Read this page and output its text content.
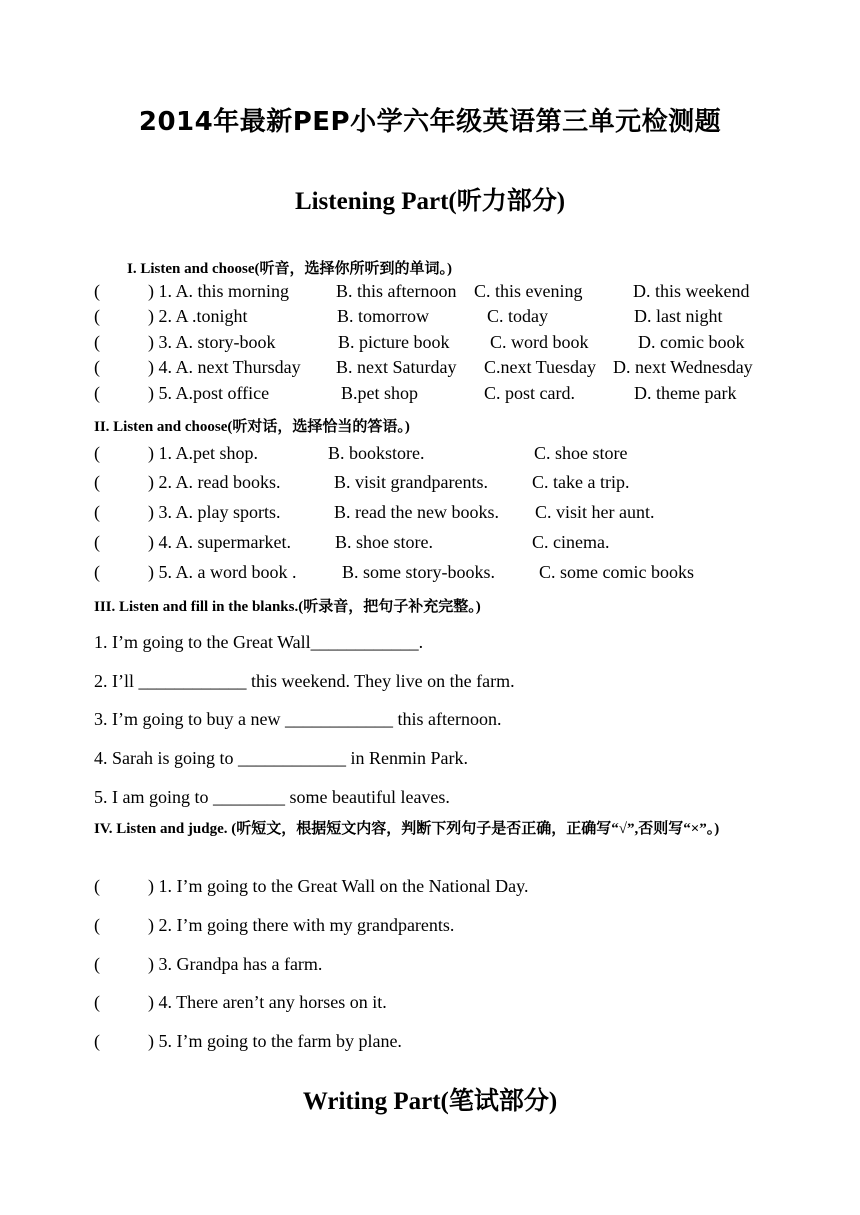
2014年最新PEP小学六年级英语第三单元检测题
Listening Part(听力部分)
I. Listen and choose(听音，选择你所听到的单词。)
(	) 1. A. this morning	B. this afternoon C. this evening	D. this weekend
(	) 2. A .tonight	B. tomorrow	C. today	D. last night
(	) 3. A. story-book	B. picture book C. word book	D. comic book
(	) 4. A. next Thursday B. next Saturday C.next Tuesday D. next Wednesday
(	) 5. A.post office	B.pet shop	C. post card.	D. theme park
II. Listen and choose(听对话，选择恰当的答语。)
(	) 1. A.pet shop.	B. bookstore.	C. shoe store
(	) 2. A. read books.	B. visit grandparents. C. take a trip.
(	) 3. A. play sports.	B. read the new books. C. visit her aunt.
(	) 4. A. supermarket. B. shoe store.	C. cinema.
(	) 5. A. a word book .	B. some story-books. C. some comic books
III. Listen and fill in the blanks.(听录音，把句子补充完整。)
1. I’m going to the Great Wall____________.
2. I’ll ____________ this weekend. They live on the farm.
3. I’m going to buy a new ____________ this afternoon.
4. Sarah is going to ____________ in Renmin Park.
5. I am going to ________ some beautiful leaves.
IV. Listen and judge. (听短文，根据短文内容，判断下列句子是否正确，正确写“√”,否则写“×”。)
(	) 1. I’m going to the Great Wall on the National Day.
(	) 2. I’m going there with my grandparents.
(	) 3. Grandpa has a farm.
(	) 4. There aren’t any horses on it.
(	) 5. I’m going to the farm by plane.
Writing Part(笔试部分)
